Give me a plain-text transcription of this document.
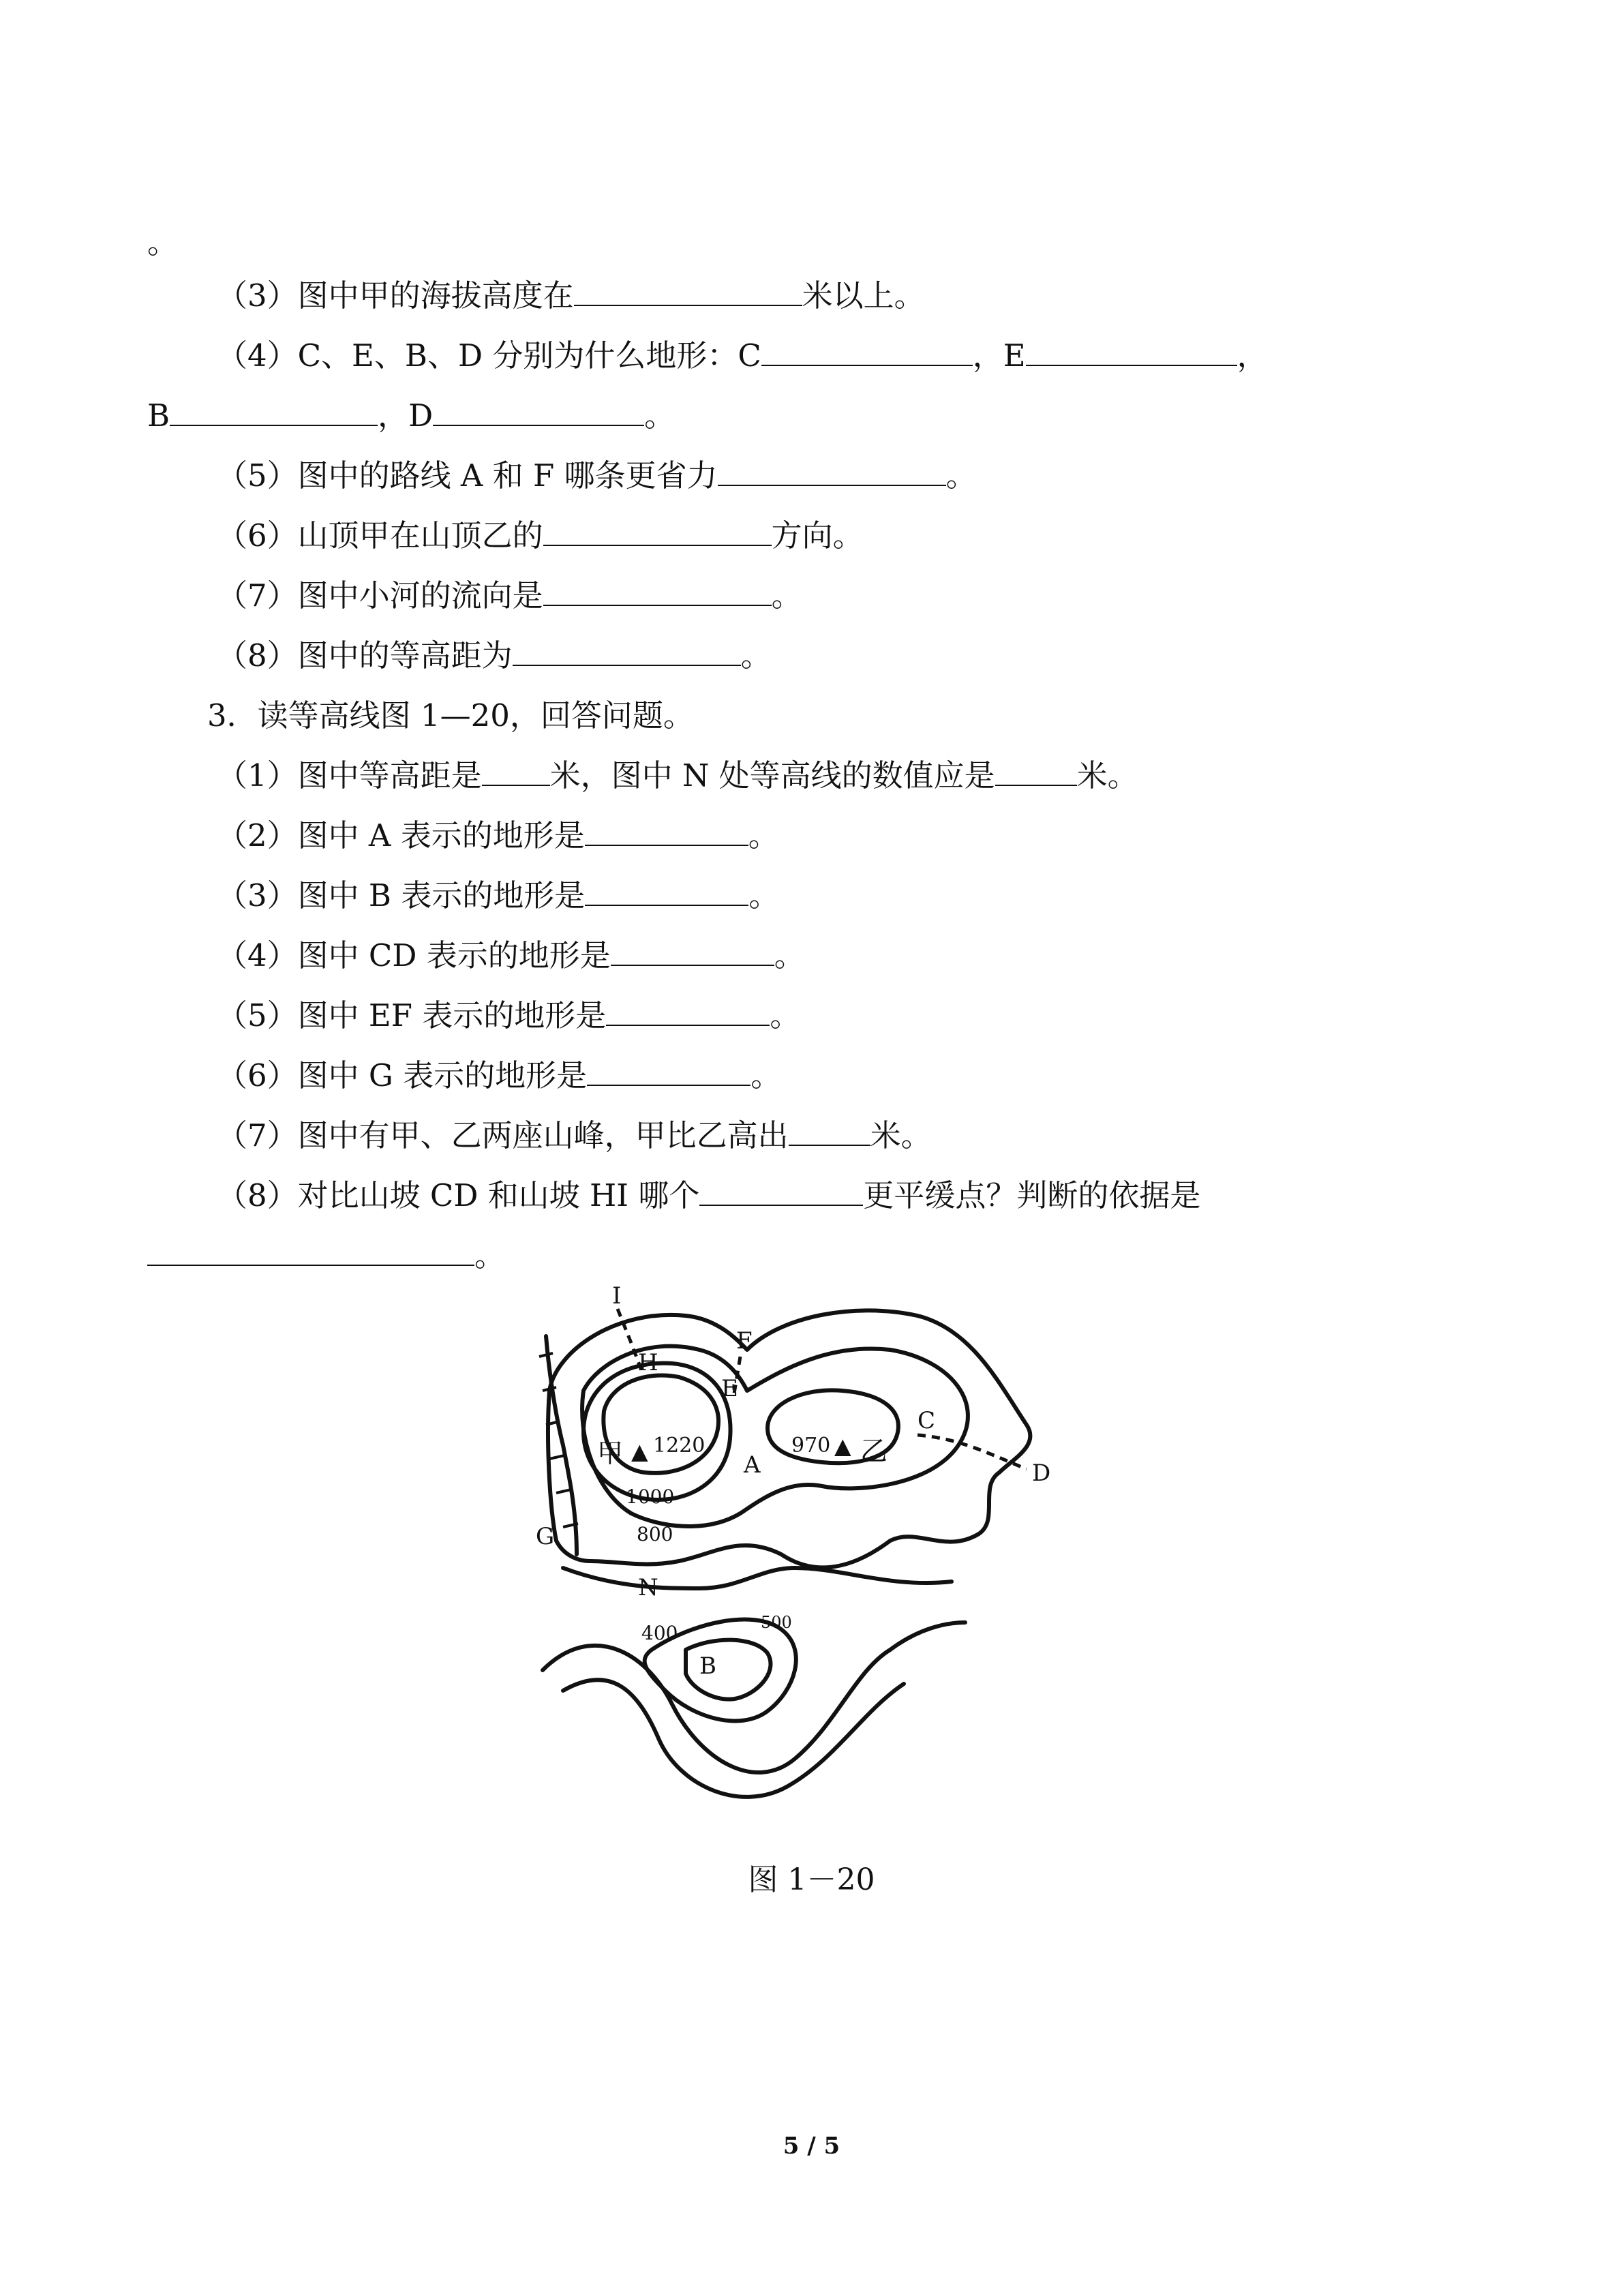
。
（3）图中甲的海拔高度在	米以上。
（4）C、E、B、D 分别为什么地形：C	，E	，
B	，D	。
（5）图中的路线 A 和 F 哪条更省力	。
（6）山顶甲在山顶乙的	方向。
（7）图中小河的流向是	。
（8）图中的等高距为	。
3．读等高线图 1—20，回答问题。
（1）图中等高距是 米，图中 N 处等高线的数值应是	米。
（2）图中 A 表示的地形是	。
（3）图中 B 表示的地形是	。
（4）图中 CD 表示的地形是	。
（5）图中 EF 表示的地形是	。
（6）图中 G 表示的地形是	。
（7）图中有甲、乙两座山峰，甲比乙高出	米。
（8）对比山坡 CD 和山坡 HI 哪个	更平缓点？判断的依据是
。
I
H
F
E
A
C
D
G
N
B
甲 ▲ 1220	970 ▲ 乙
1000
800
400	500
图 1－20
5 / 5
